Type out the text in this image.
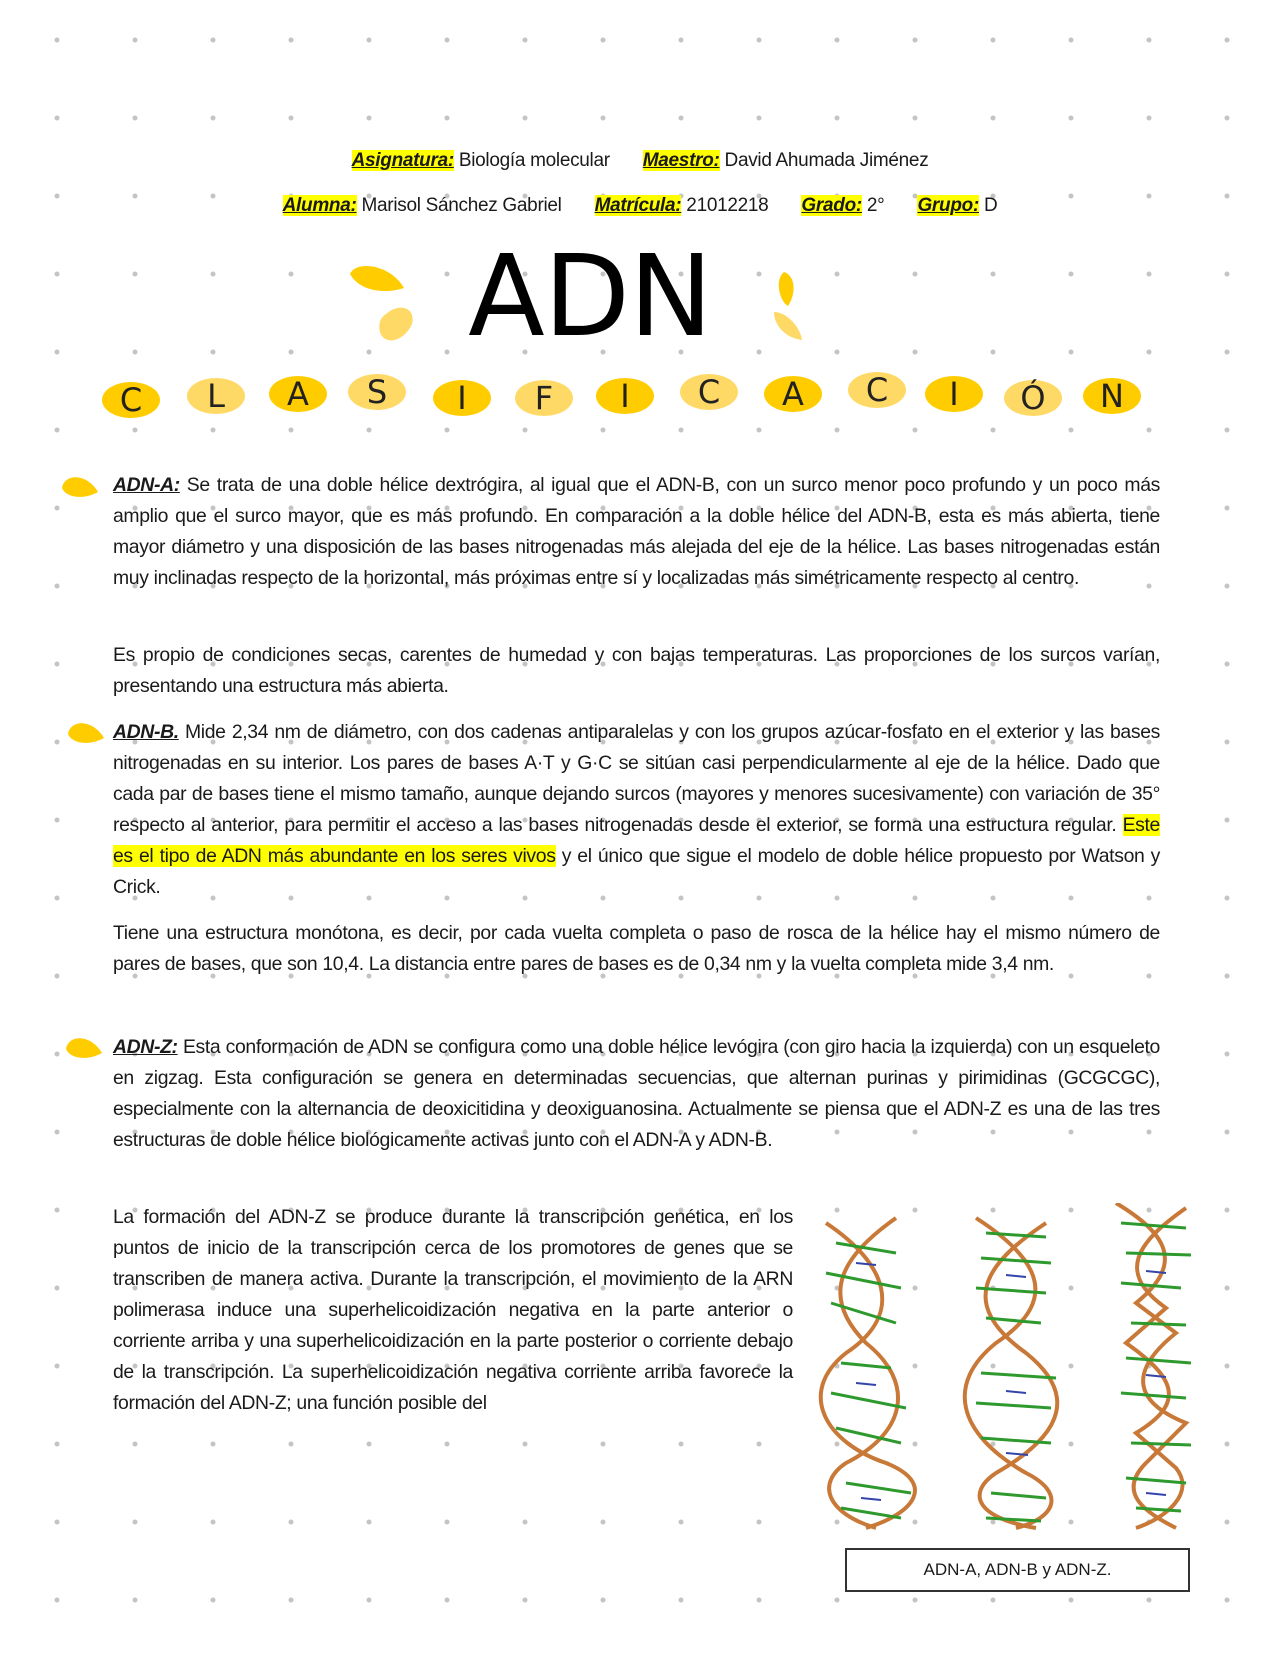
Asignatura: Biología molecular Maestro: David Ahumada Jiménez
Alumna: Marisol Sánchez Gabriel Matrícula: 21012218 Grado: 2° Grupo: D
ADN
C	L	A	S	I	F	I	C	A	C	I	Ó	N

ADN-A: Se trata de una doble hélice dextrógira, al igual que el ADN-B, con un surco menor poco profundo y un poco más amplio que el surco mayor, que es más profundo. En comparación a la doble hélice del ADN-B, esta es más abierta, tiene mayor diámetro y una disposición de las bases nitrogenadas más alejada del eje de la hélice. Las bases nitrogenadas están muy inclinadas respecto de la horizontal, más próximas entre sí y localizadas más simétricamente respecto al centro.

Es propio de condiciones secas, carentes de humedad y con bajas temperaturas. Las proporciones de los surcos varían, presentando una estructura más abierta.

ADN-B. Mide 2,34 nm de diámetro, con dos cadenas antiparalelas y con los grupos azúcar-fosfato en el exterior y las bases nitrogenadas en su interior. Los pares de bases A·T y G·C se sitúan casi perpendicularmente al eje de la hélice. Dado que cada par de bases tiene el mismo tamaño, aunque dejando surcos (mayores y menores sucesivamente) con variación de 35° respecto al anterior, para permitir el acceso a las bases nitrogenadas desde el exterior, se forma una estructura regular. Este es el tipo de ADN más abundante en los seres vivos y el único que sigue el modelo de doble hélice propuesto por Watson y Crick.

Tiene una estructura monótona, es decir, por cada vuelta completa o paso de rosca de la hélice hay el mismo número de pares de bases, que son 10,4. La distancia entre pares de bases es de 0,34 nm y la vuelta completa mide 3,4 nm.

ADN-Z: Esta conformación de ADN se configura como una doble hélice levógira (con giro hacia la izquierda) con un esqueleto en zigzag. Esta configuración se genera en determinadas secuencias, que alternan purinas y pirimidinas (GCGCGC), especialmente con la alternancia de deoxicitidina y deoxiguanosina. Actualmente se piensa que el ADN-Z es una de las tres estructuras de doble hélice biológicamente activas junto con el ADN-A y ADN-B.

La formación del ADN-Z se produce durante la transcripción genética, en los puntos de inicio de la transcripción cerca de los promotores de genes que se transcriben de manera activa. Durante la transcripción, el movimiento de la ARN polimerasa induce una superhelicoidización negativa en la parte anterior o corriente arriba y una superhelicoidización en la parte posterior o corriente debajo de la transcripción. La superhelicoidización negativa corriente arriba favorece la formación del ADN-Z; una función posible del

ADN-A, ADN-B y ADN-Z.
